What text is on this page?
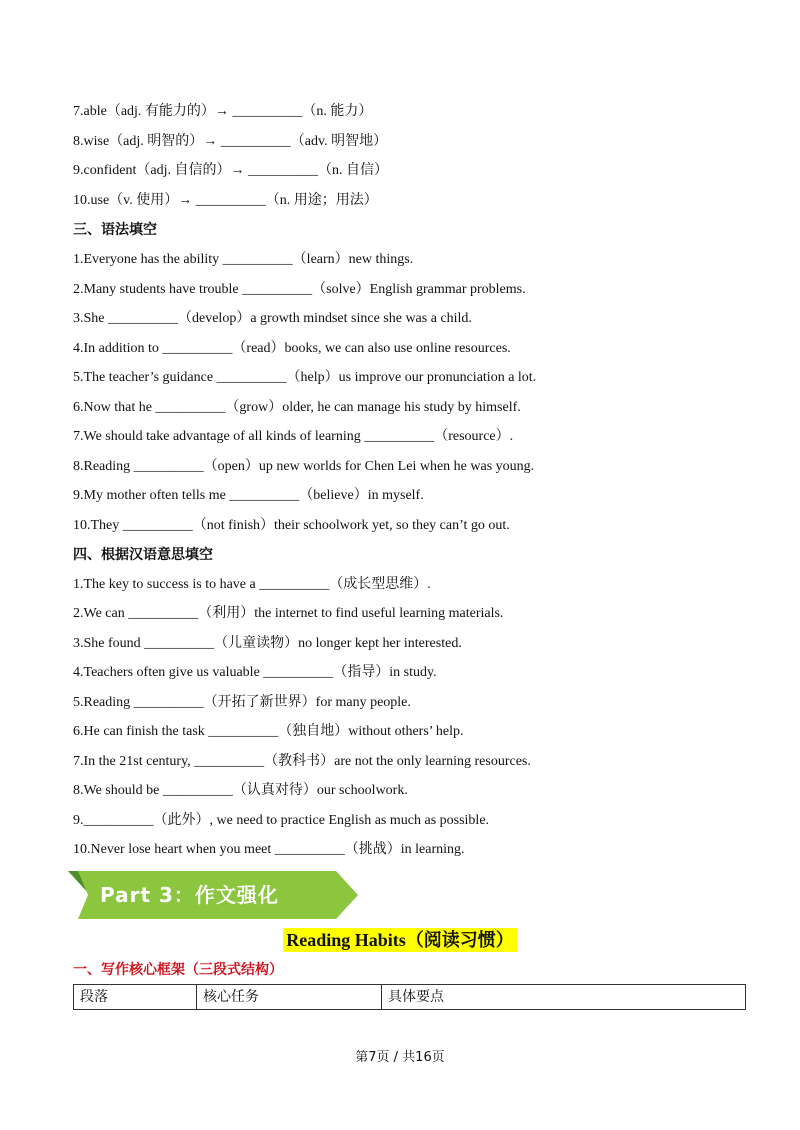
7.able（adj. 有能力的）→ __________（n. 能力）
8.wise（adj. 明智的）→ __________（adv. 明智地）
9.confident（adj. 自信的）→ __________（n. 自信）
10.use（v. 使用）→ __________（n. 用途；用法）
三、语法填空
1.Everyone has the ability __________（learn）new things.
2.Many students have trouble __________（solve）English grammar problems.
3.She __________（develop）a growth mindset since she was a child.
4.In addition to __________（read）books, we can also use online resources.
5.The teacher’s guidance __________（help）us improve our pronunciation a lot.
6.Now that he __________（grow）older, he can manage his study by himself.
7.We should take advantage of all kinds of learning __________（resource）.
8.Reading __________（open）up new worlds for Chen Lei when he was young.
9.My mother often tells me __________（believe）in myself.
10.They __________（not finish）their schoolwork yet, so they can’t go out.
四、根据汉语意思填空
1.The key to success is to have a __________（成长型思维）.
2.We can __________（利用）the internet to find useful learning materials.
3.She found __________（儿童读物）no longer kept her interested.
4.Teachers often give us valuable __________（指导）in study.
5.Reading __________（开拓了新世界）for many people.
6.He can finish the task __________（独自地）without others’ help.
7.In the 21st century, __________（教科书）are not the only learning resources.
8.We should be __________（认真对待）our schoolwork.
9.__________（此外）, we need to practice English as much as possible.
10.Never lose heart when you meet __________（挑战）in learning.
Part 3：作文强化
Reading Habits（阅读习惯）
一、写作核心框架（三段式结构）
段落	核心任务	具体要点
第7页 / 共16页
